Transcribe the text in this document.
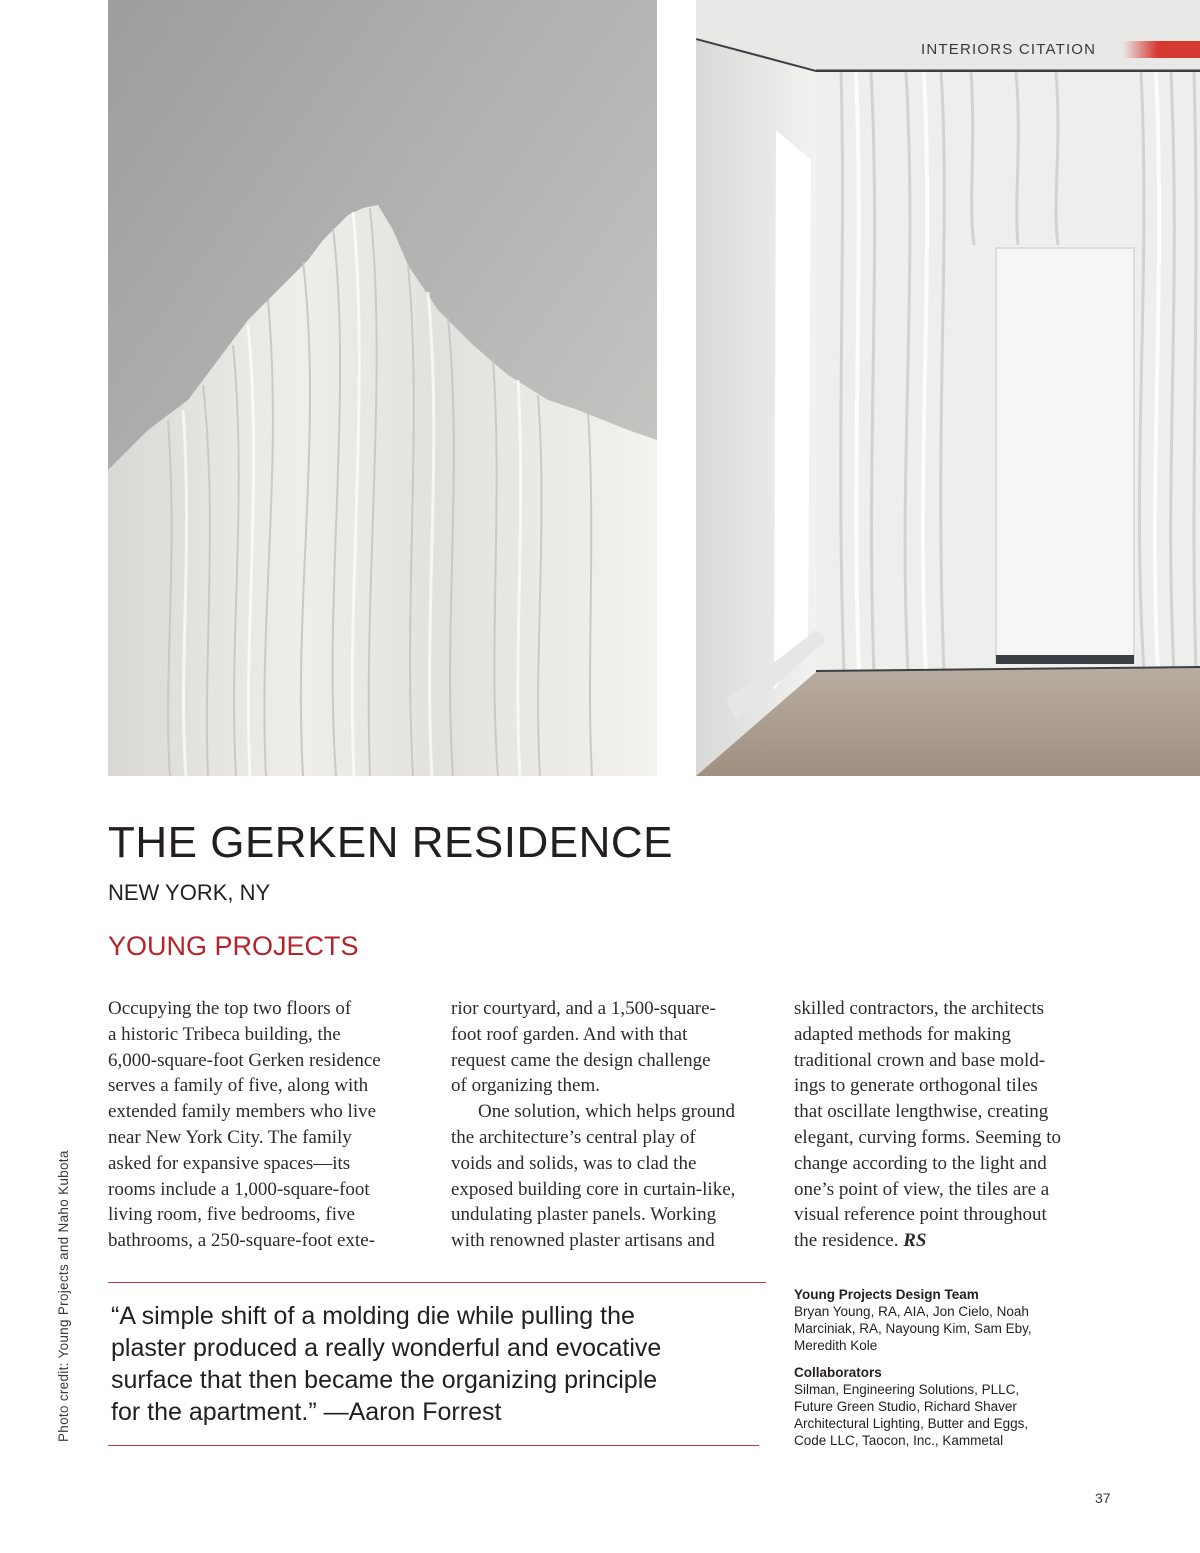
INTERIORS CITATION
THE GERKEN RESIDENCE
NEW YORK, NY
YOUNG PROJECTS
Occupying the top two floors of
a historic Tribeca building, the
6,000-square-foot Gerken residence
serves a family of five, along with
extended family members who live
near New York City. The family
asked for expansive spaces—its
rooms include a 1,000-square-foot
living room, five bedrooms, five
bathrooms, a 250-square-foot exte-
rior courtyard, and a 1,500-square-
foot roof garden. And with that
request came the design challenge
of organizing them.
One solution, which helps ground
the architecture’s central play of
voids and solids, was to clad the
exposed building core in curtain-like,
undulating plaster panels. Working
with renowned plaster artisans and
skilled contractors, the architects
adapted methods for making
traditional crown and base mold-
ings to generate orthogonal tiles
that oscillate lengthwise, creating
elegant, curving forms. Seeming to
change according to the light and
one’s point of view, the tiles are a
visual reference point throughout
the residence. RS
“A simple shift of a molding die while pulling the
plaster produced a really wonderful and evocative
surface that then became the organizing principle
for the apartment.” —Aaron Forrest
Young Projects Design Team
Bryan Young, RA, AIA, Jon Cielo, Noah
Marciniak, RA, Nayoung Kim, Sam Eby,
Meredith Kole
Collaborators
Silman, Engineering Solutions, PLLC,
Future Green Studio, Richard Shaver
Architectural Lighting, Butter and Eggs,
Code LLC, Taocon, Inc., Kammetal
Photo credit: Young Projects and Naho Kubota
37
